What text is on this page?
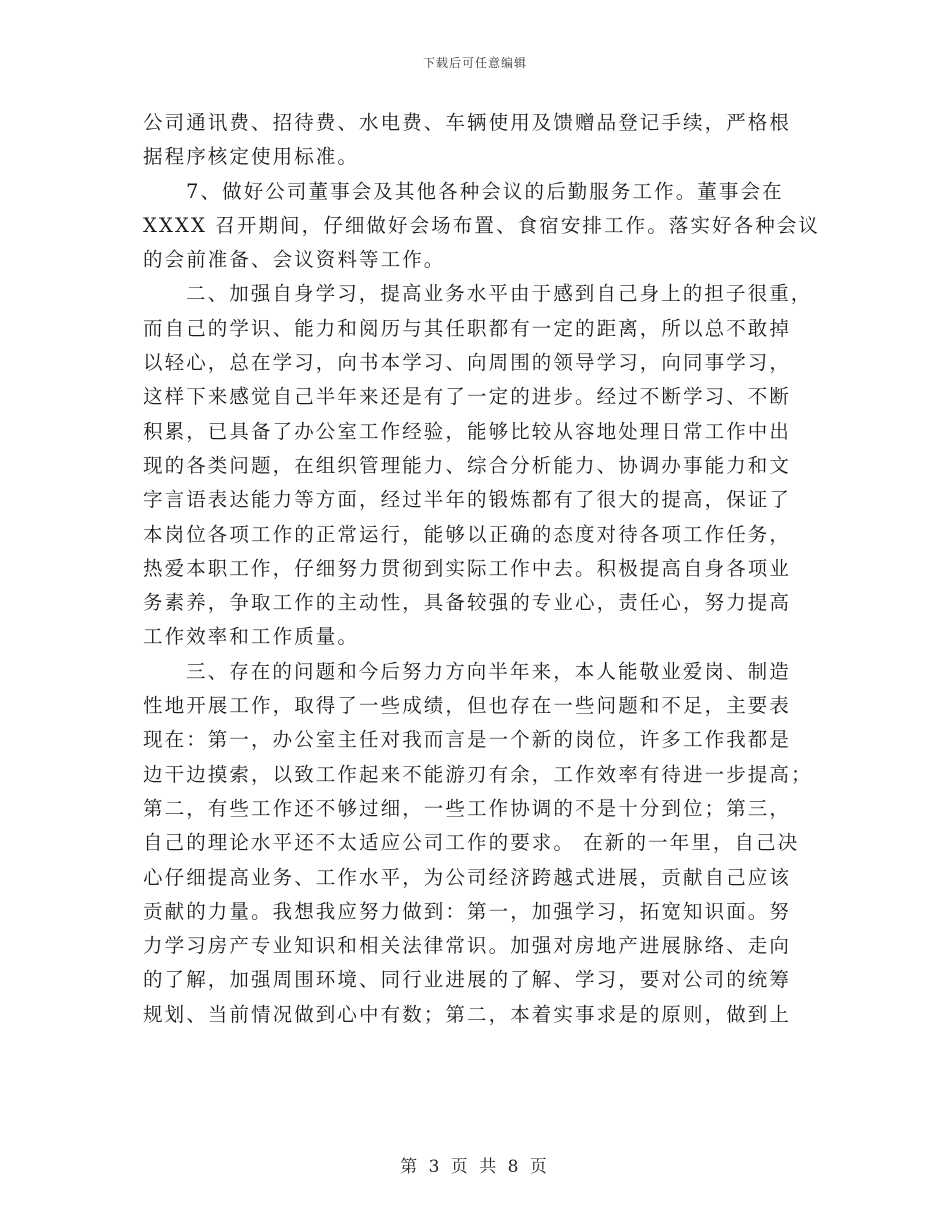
下载后可任意编辑
公司通讯费、招待费、水电费、车辆使用及馈赠品登记手续，严格根
据程序核定使用标准。
7、做好公司董事会及其他各种会议的后勤服务工作。董事会在
XXXX 召开期间，仔细做好会场布置、食宿安排工作。落实好各种会议
的会前准备、会议资料等工作。
二、加强自身学习，提高业务水平由于感到自己身上的担子很重，
而自己的学识、能力和阅历与其任职都有一定的距离，所以总不敢掉
以轻心，总在学习，向书本学习、向周围的领导学习，向同事学习，
这样下来感觉自己半年来还是有了一定的进步。经过不断学习、不断
积累，已具备了办公室工作经验，能够比较从容地处理日常工作中出
现的各类问题，在组织管理能力、综合分析能力、协调办事能力和文
字言语表达能力等方面，经过半年的锻炼都有了很大的提高，保证了
本岗位各项工作的正常运行，能够以正确的态度对待各项工作任务，
热爱本职工作，仔细努力贯彻到实际工作中去。积极提高自身各项业
务素养，争取工作的主动性，具备较强的专业心，责任心，努力提高
工作效率和工作质量。
三、存在的问题和今后努力方向半年来，本人能敬业爱岗、制造
性地开展工作，取得了一些成绩，但也存在一些问题和不足，主要表
现在：第一，办公室主任对我而言是一个新的岗位，许多工作我都是
边干边摸索，以致工作起来不能游刃有余，工作效率有待进一步提高；
第二，有些工作还不够过细，一些工作协调的不是十分到位；第三，
自己的理论水平还不太适应公司工作的要求。 在新的一年里，自己决
心仔细提高业务、工作水平，为公司经济跨越式进展，贡献自己应该
贡献的力量。我想我应努力做到：第一，加强学习，拓宽知识面。努
力学习房产专业知识和相关法律常识。加强对房地产进展脉络、走向
的了解，加强周围环境、同行业进展的了解、学习，要对公司的统筹
规划、当前情况做到心中有数；第二，本着实事求是的原则，做到上
第 3 页 共 8 页
